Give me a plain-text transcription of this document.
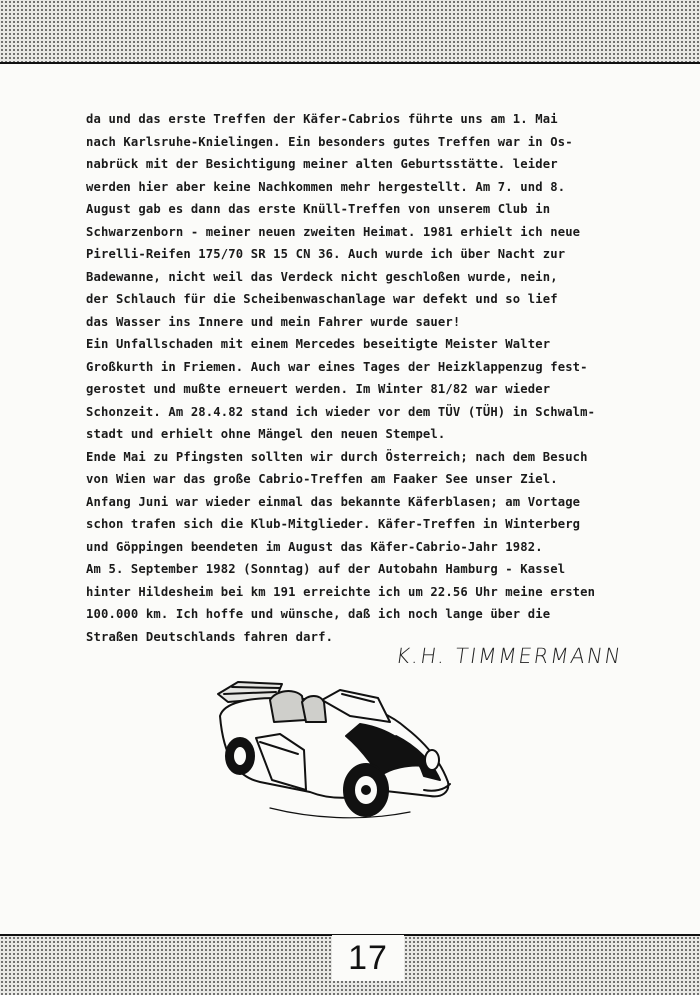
da und das erste Treffen der Käfer-Cabrios führte uns am 1. Mai
nach Karlsruhe-Knielingen. Ein besonders gutes Treffen war in Os-
nabrück mit der Besichtigung meiner alten Geburtsstätte. leider
werden hier aber keine Nachkommen mehr hergestellt. Am 7. und 8.
August gab es dann das erste Knüll-Treffen von unserem Club in
Schwarzenborn - meiner neuen zweiten Heimat. 1981 erhielt ich neue
Pirelli-Reifen 175/70 SR 15 CN 36. Auch wurde ich über Nacht zur
Badewanne, nicht weil das Verdeck nicht geschloßen wurde, nein,
der Schlauch für die Scheibenwaschanlage war defekt und so lief
das Wasser ins Innere und mein Fahrer wurde sauer!
Ein Unfallschaden mit einem Mercedes beseitigte Meister Walter
Großkurth in Friemen. Auch war eines Tages der Heizklappenzug fest-
gerostet und mußte erneuert werden. Im Winter 81/82 war wieder
Schonzeit. Am 28.4.82 stand ich wieder vor dem TÜV (TÜH) in Schwalm-
stadt und erhielt ohne Mängel den neuen Stempel.
Ende Mai zu Pfingsten sollten wir durch Österreich; nach dem Besuch
von Wien war das große Cabrio-Treffen am Faaker See unser Ziel.
Anfang Juni war wieder einmal das bekannte Käferblasen; am Vortage
schon trafen sich die Klub-Mitglieder. Käfer-Treffen in Winterberg
und Göppingen beendeten im August das Käfer-Cabrio-Jahr 1982.
Am 5. September 1982 (Sonntag) auf der Autobahn Hamburg - Kassel
hinter Hildesheim bei km 191 erreichte ich um 22.56 Uhr meine ersten
100.000 km. Ich hoffe und wünsche, daß ich noch lange über die
Straßen Deutschlands fahren darf.
K.H. TIMMERMANN
17
